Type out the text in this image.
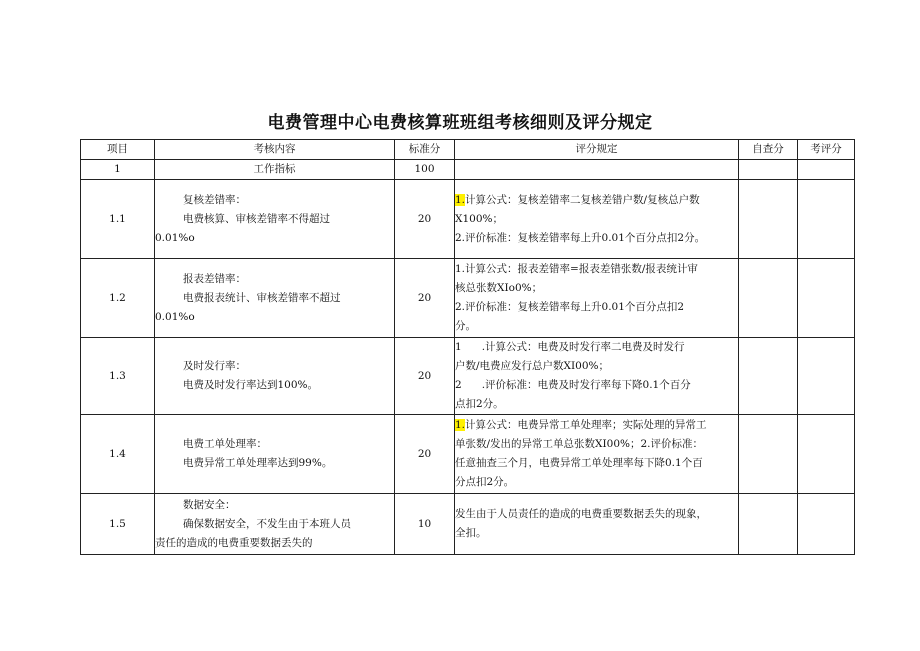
电费管理中心电费核算班班组考核细则及评分规定
项目	考核内容	标准分	评分规定	自查分	考评分
1	工作指标	100			
1.1	复核差错率：
电费核算、审核差错率不得超过
0.01%o	20	1.计算公式：复核差错率二复核差错户数/复核总户数
X100%；
2.评价标准：复核差错率每上升0.01个百分点扣2分。		

1.2	报表差错率：
电费报表统计、审核差错率不超过
0.01%o	20	1.计算公式：报表差错率=报表差错张数/报表统计审
核总张数XIo0%；
2.评价标准：复核差错率每上升0.01个百分点扣2
分。		

1.3	及时发行率：
电费及时发行率达到100%。	20	1      .计算公式：电费及时发行率二电费及时发行
户数/电费应发行总户数XI00%；
2      .评价标准：电费及时发行率每下降0.1个百分
点扣2分。		

1.4	电费工单处理率：
电费异常工单处理率达到99%。	20	1.计算公式：电费异常工单处理率；实际处理的异常工
单张数/发出的异常工单总张数XI00%；2.评价标准：
任意抽查三个月，电费异常工单处理率每下降0.1个百
分点扣2分。		

1.5	数据安全：
确保数据安全，不发生由于本班人员
责任的造成的电费重要数据丢失的	10	发生由于人员责任的造成的电费重要数据丢失的现象，
全扣。		
